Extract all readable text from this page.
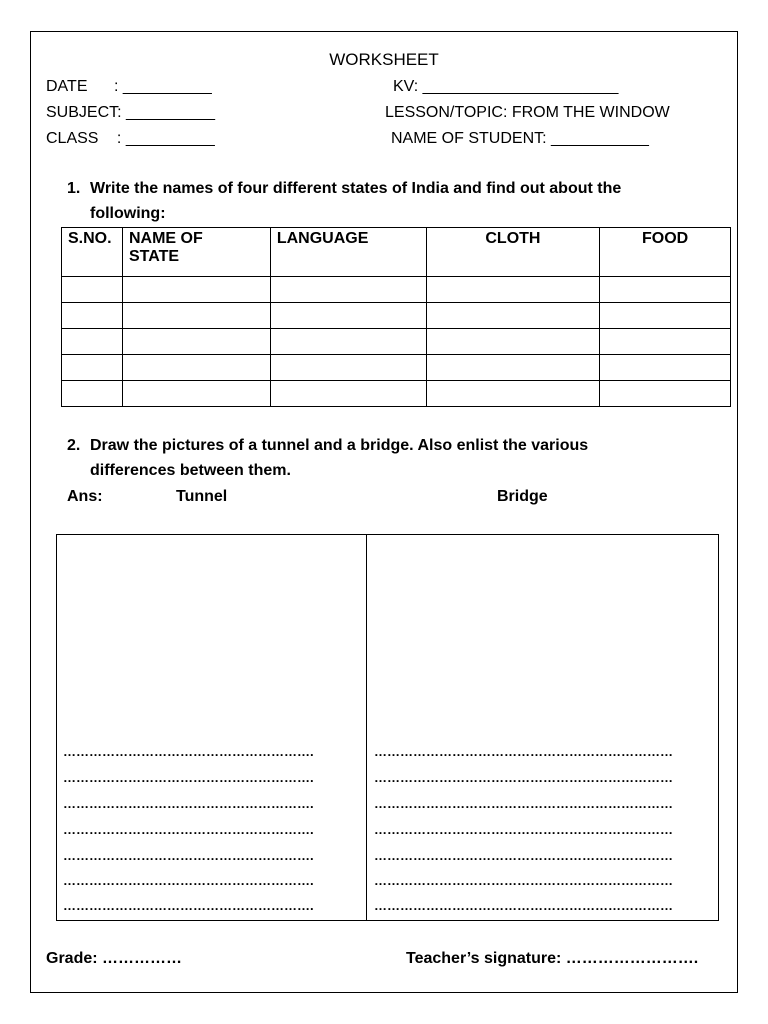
WORKSHEET
DATE : __________
SUBJECT: __________
CLASS : __________
KV: ______________________
LESSON/TOPIC: FROM THE WINDOW
NAME OF STUDENT: ___________
1. Write the names of four different states of India and find out about the
following:
S.NO.	NAME OF STATE	LANGUAGE	CLOTH	FOOD

2. Draw the pictures of a tunnel and a bridge. Also enlist the various
differences between them.
Ans:	Tunnel	Bridge
………………………………………………….
………………………………………………….
………………………………………………….
………………………………………………….
………………………………………………….
………………………………………………….
………………………………………………….
……………………………………………………………
……………………………………………………………
……………………………………………………………
……………………………………………………………
……………………………………………………………
……………………………………………………………
……………………………………………………………
Grade: ……………	Teacher’s signature: …………………….
